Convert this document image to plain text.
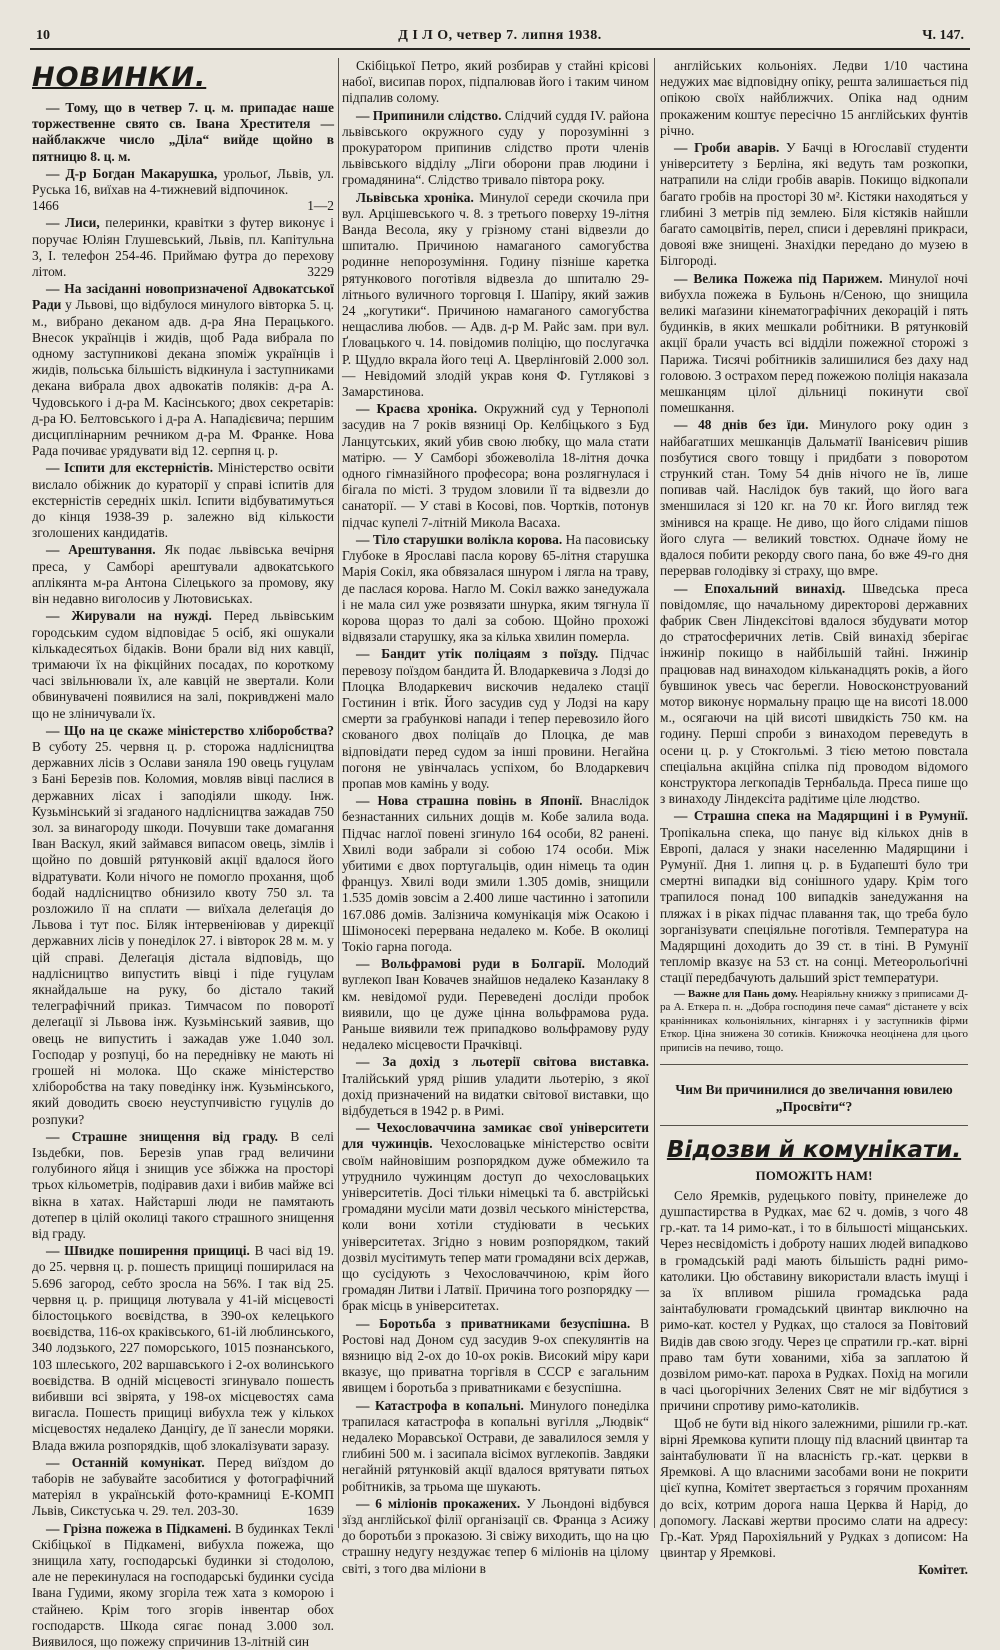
10	Д І Л О, четвер 7. липня 1938.	Ч. 147.
НОВИНКИ.
— Тому, що в четвер 7. ц. м. припадає наше торжественне свято св. Івана Хрестителя — найблакжче число „Діла“ вийде щойно в пятницю 8. ц. м.
— Д-р Богдан Макарушка, урольоґ, Львів, ул. Руська 16, виїхав на 4-тижневий відпочинок.
1466	1—2
— Лиси, пелеринки, кравітки з футер виконує і поручає Юліян Глушевський, Львів, пл. Капітульна 3, І. телефон 254-46. Приймаю футра до перехову літом.	3229
— На засіданні новопризначеної Адвокатської Ради у Львові, що відбулося минулого вівторка 5. ц. м., вибрано деканом адв. д-ра Яна Перацького. Внесок українців і жидів, щоб Рада вибрала по одному заступникові декана зпоміж українців і жидів, польська більшість відкинула і заступниками декана вибрала двох адвокатів поляків: д-ра А. Чудовського і д-ра М. Касінського; двох секретарів: д-ра Ю. Белтовського і д-ра А. Нападієвича; першим дисциплінарним речником д-ра М. Франке. Нова Рада почиває урядувати від 12. серпня ц. р.
— Іспити для екстерністів. Міністерство освіти вислало обіжник до кураторії у справі іспитів для екстерністів середніх шкіл. Іспити відбуватимуться до кінця 1938-39 р. залежно від кількости зголошених кандидатів.
— Арештування. Як подає львівська вечірня преса, у Самборі арештували адвокатського аплікянта м-ра Антона Сілецького за промову, яку він недавно виголосив у Лютовиськах.
— Жирували на нужді. Перед львівським городським судом відповідає 5 осіб, які ошукали кількадесятьох бідаків. Вони брали від них кавції, тримаючи їх на фікційних посадах, по короткому часі звільнювали їх, але кавцій не звертали. Коли обвинувачені появилися на залі, покривджені мало що не зліничували їх.
— Що на це скаже міністерство хліборобства? В суботу 25. червня ц. р. сторожа надлісництва державних лісів з Ослави заняла 190 овець гуцулам з Бані Березів пов. Коломия, мовляв вівці паслися в державних лісах і заподіяли шкоду. Інж. Кузьмінський зі згаданого надлісництва зажадав 750 зол. за винагороду шкоди. Почувши таке домагання Іван Васкул, який займався випасом овець, зімлів і щойно по довшій рятунковій акції вдалося його відратувати. Коли нічого не помогло прохання, щоб бодай надлісництво обнизило квоту 750 зл. та розложило її на сплати — виїхала делеґація до Львова і тут пос. Біляк інтервеніював у дирекції державних лісів у понеділок 27. і вівторок 28 м. м. у цій справі. Делеґація дістала відповідь, що надлісництво випустить вівці і піде гуцулам якнайдальше на руку, бо дістало такий телеграфічний приказ. Тимчасом по поворотї делеґації зі Львова інж. Кузьмінський заявив, що овець не випустить і зажадав уже 1.040 зол. Господар у розпуці, бо на переднівку не мають ні грошей ні молока. Що скаже міністерство хліборобства на таку поведінку інж. Кузьмінського, який доводить своєю неуступчивістю гуцулів до розпуки?
— Страшне знищення від граду. В селі Ізьдебки, пов. Березів упав град величини голубиного яйця і знищив усе збіжжа на просторі трьох кільометрів, подіравив дахи і вибив майже всі вікна в хатах. Найстарші люди не памятають дотепер в цілій околиці такого страшного знищення від граду.
— Швидке поширення прищиці. В часі від 19. до 25. червня ц. р. пошесть прищиці поширилася на 5.696 загород, себто зросла на 56%. І так від 25. червня ц. р. прищиця лютувала у 41-ій місцевості білостоцького воєвідства, в 390-ох келецького воєвідства, 116-ох краківського, 61-ій люблинського, 340 лодзького, 227 поморського, 1015 познанського, 103 шлеського, 202 варшавського і 2-ох волинського воєвідства. В одній місцевості згинувало пошесть вибивши всі звірята, у 198-ох місцевостях сама вигасла. Пошесть прищиці вибухла теж у кількох місцевостях недалеко Данціґу, де її занесли моряки. Влада вжила розпорядків, щоб злокалізувати заразу.
— Останній комунікат. Перед виїздом до таборів не забувайте засобитися у фотографічний матеріял в українській фото-крамниці Е-КОМП Львів, Сикстуська ч. 29. тел. 203-30.	1639
— Грізна пожежа в Підкамені. В будинках Теклі Скібіцької в Підкамені, вибухла пожежа, що знищила хату, господарські будинки зі стодолою, але не перекинулася на господарські будинки сусіда Івана Гудими, якому згоріла теж хата з коморою і стайнею. Крім того згорів інвентар обох господарств. Шкода сягає понад 3.000 зол. Виявилося, що пожежу спричинив 13-літній син
Скібіцької Петро, який розбирав у стайні крісові набої, висипав порох, підпалював його і таким чином підпалив солому.
— Припинили слідство. Слідчий суддя IV. района львівського окружного суду у порозумінні з прокуратором припинив слідство проти членів львівського відділу „Ліги оборони прав людини і громадянина“. Слідство тривало півтора року.
Львівська хроніка. Минулої середи скочила при вул. Арцішевського ч. 8. з третього поверху 19-літня Ванда Весола, яку у грізному стані відвезли до шпиталю. Причиною намаганого самогубства родинне непорозуміння. Годину пізніше каретка рятункового поготівля відвезла до шпиталю 29-літнього вуличного торговця І. Шапіру, який зажив 24 „когутики“. Причиною намаганого самогубства нещаслива любов. — Адв. д-р М. Райс зам. при вул. Ґловацького ч. 14. повідомив поліцію, що послугачка Р. Щудло вкрала його теці А. Цверлінґовій 2.000 зол. — Невідомий злодій украв коня Ф. Гутлякові з Замарстинова.
— Краєва хроніка. Окружний суд у Тернополі засудив на 7 років вязниці Ор. Келбіцького з Буд Ланцутських, який убив свою любку, що мала стати матірю. — У Самборі збожеволіла 18-літня дочка одного гімназійного професора; вона розлягнулася і бігала по місті. З трудом зловили її та відвезли до санаторії. — У ставі в Косові, пов. Чортків, потонув підчас купелі 7-літній Микола Васаха.
— Тіло старушки волікла корова. На пасовиську Глубоке в Ярославі пасла корову 65-літня старушка Марія Сокіл, яка обвязалася шнуром і лягла на траву, де паслася корова. Нагло М. Сокіл важко занедужала і не мала сил уже розвязати шнурка, яким тягнула її корова щораз то далі за собою. Щойно прохожі відвязали старушку, яка за кілька хвилин померла.
— Бандит утік поліцаям з поїзду. Підчас перевозу поїздом бандита Й. Влодаркевича з Лодзі до Плоцка Влодаркевич вискочив недалеко стації Гостинин і втік. Його засудив суд у Лодзі на кару смерти за грабункові напади і тепер перевозило його скованого двох поліцаїв до Плоцка, де мав відповідати перед судом за інші провини. Негайна погоня не увінчалась успіхом, бо Влодаркевич пропав мов камінь у воду.
— Нова страшна повінь в Японії. Внаслідок безнастанних сильних дощів м. Кобе залила вода. Підчас наглої повені згинуло 164 особи, 82 ранені. Хвилі води забрали зі собою 174 особи. Між убитими є двох португальців, один німець та один француз. Хвилі води змили 1.305 домів, знищили 1.535 домів зовсім а 2.400 лише частинно і затопили 167.086 домів. Залізнича комунікація між Осакою і Шімоносекі перервана недалеко м. Кобе. В околиці Токіо гарна погода.
— Вольфрамові руди в Болгарії. Молодий вуглекоп Іван Ковачев знайшов недалеко Казанлаку 8 км. невідомої руди. Переведені досліди пробок виявили, що це дуже цінна вольфрамова руда. Раньше виявили теж припадково вольфрамову руду недалеко місцевости Прачківці.
— За дохід з льотерії світова виставка. Італійський уряд рішив уладити льотерію, з якої дохід призначений на видатки світової виставки, що відбудеться в 1942 р. в Римі.
— Чехословаччина замикає свої університети для чужинців. Чехословацьке міністерство освіти своїм найновішим розпорядком дуже обмежило та утруднило чужинцям доступ до чехословацьких університетів. Досі тільки німецькі та б. австрійські громадяни мусіли мати дозвіл чеського міністерства, коли вони хотіли студіювати в чеських університетах. Згідно з новим розпорядком, такий дозвіл мусітимуть тепер мати громадяни всіх держав, що сусідують з Чехословаччиною, крім його громадян Литви і Латвії. Причина того розпорядку — брак місць в університетах.
— Боротьба з приватниками безуспішна. В Ростові над Доном суд засудив 9-ох спекулянтів на вязницю від 2-ох до 10-ох років. Високий міру кари вказує, що приватна торгівля в СССР є загальним явищем і боротьба з приватниками є безуспішна.
— Катастрофа в копальні. Минулого понеділка трапилася катастрофа в копальні вугілля „Людвік“ недалеко Моравської Острави, де завалилося земля у глибині 500 м. і засипала вісімох вуглекопів. Завдяки негайній рятунковій акції вдалося врятувати пятьох робітників, за трьома ще шукають.
— 6 міліонів прокажених. У Льондоні відбувся зїзд англійської філії організації св. Франца з Асижу до боротьби з проказою. Зі свіжу виходить, що на цю страшну недугу нездужає тепер 6 міліонів на цілому світі, з того два міліони в
англійських кольоніях. Ледви 1/10 частина недужих має відповідну опіку, решта залишається під опікою своїх найближчих. Опіка над одним прокаженим коштує пересічно 15 англійських фунтів річно.
— Гроби аварів. У Бачці в Югославії студенти університету з Берліна, які ведуть там розкопки, натрапили на сліди гробів аварів. Покищо відкопали багато гробів на просторі 30 м². Кістяки находяться у глибині 3 метрів під землею. Біля кістяків найшли багато самоцвітів, перел, списи і деревляні прикраси, довояі вже знищені. Знахідки передано до музею в Білгороді.
— Велика Пожежа під Парижем. Минулої ночі вибухла пожежа в Бульонь н/Сеною, що знищила великі маґазини кінематографічних декорацій і пять будинків, в яких мешкали робітники. В рятунковій акції брали участь всі відділи пожежної сторожі з Парижа. Тисячі робітників залишилися без даху над головою. З острахом перед пожежою поліція наказала мешканцям цілої дільниці покинути свої помешкання.
— 48 днів без їди. Минулого року один з найбагатших мешканців Дальматії Іванісевич рішив позбутися свого товщу і придбати з поворотом стрункий стан. Тому 54 днів нічого не їв, лише попивав чай. Наслідок був такий, що його вага зменшилася зі 120 кг. на 70 кг. Його вигляд теж змінився на краще. Не диво, що його слідами пішов його слуга — великий товстюх. Одначе йому не вдалося побити рекорду свого пана, бо вже 49-го дня перервав голодівку зі страху, що вмре.
— Епохальний винахід. Шведська преса повідомляє, що начальному директорові державних фабрик Свен Ліндексітові вдалося збудувати мотор до стратосферичних летів. Свій винахід зберігає інжинір покищо в найбільшій тайні. Інжинір працював над винаходом кільканадцять років, а його бувшинок увесь час берегли. Новосконструований мотор виконує нормальну працю ще на висоті 18.000 м., осягаючи на цій висоті швидкість 750 км. на годину. Перші спроби з винаходом переведуть в осени ц. р. у Стокгольмі. З тією метою повстала спеціальна акційна спілка під проводом відомого конструктора легкопадів Тернбальда. Преса пише що з винаходу Ліндексіта радітиме ціле людство.
— Страшна спека на Мадярщині і в Румунії. Тропікальна спека, що панує від кількох днів в Европі, далася у знаки населенню Мадярщини і Румунії. Дня 1. липня ц. р. в Будапешті було три смертні випадки від сонішного удару. Крім того трапилося понад 100 випадків занедужання на пляжах і в ріках підчас плавання так, що треба було зорганізувати спеціяльне поготівля. Температура на Мадярщині доходить до 39 ст. в тіні. В Румунії тепломір вказує на 53 ст. на сонці. Метеорольоґічні стації передбачують дальший зріст температури.
— Важне для Пань дому. Неаріяльну книжку з приписами Д-ра А. Еткера п. н. „Добра господиня пече самая“ дістанете у всіх кранінниках кольоніяльних, кінгарнях і у заступників фірми Еткор. Ціна знижена 30 сотиків. Книжочка неоцінена для цього приписів на печиво, тощо.
Чим Ви причинилися до звеличання ювилею „Просвіти“?
Відозви й комунікати.
ПОМОЖІТЬ НАМ!
Село Яремків, рудецького повіту, принележе до душпастирства в Рудках, має 62 ч. домів, з чого 48 гр.-кат. та 14 римо-кат., і то в більшості міщанських. Через несвідомість і доброту наших людей випадково в громадській раді мають більшість радні римо-католики. Цю обставину використали власть імущі і за їх впливом рішила громадська рада заінтабулювати громадський цвинтар виключно на римо-кат. костел у Рудках, що сталося за Повітовий Видів дав свою згоду. Через це спратили гр.-кат. вірні право там бути хованими, хіба за заплатою й дозвілом римо-кат. пароха в Рудках. Похід на могили в часі цьогорічних Зелених Свят не міг відбутися з причини спротиву римо-католиків.
Щоб не бути від нікого залежними, рішили гр.-кат. вірні Яремкова купити площу під власний цвинтар та заінтабулювати її на власність гр.-кат. церкви в Яремкові. А що власними засобами вони не покрити цієї купна, Комітет звертається з горячим проханням до всіх, котрим дорога наша Церква й Нарід, до допомогу. Ласкаві жертви просимо слати на адресу: Гр.-Кат. Уряд Парохіяльний у Рудках з дописом: На цвинтар у Яремкові.
Комітет.
